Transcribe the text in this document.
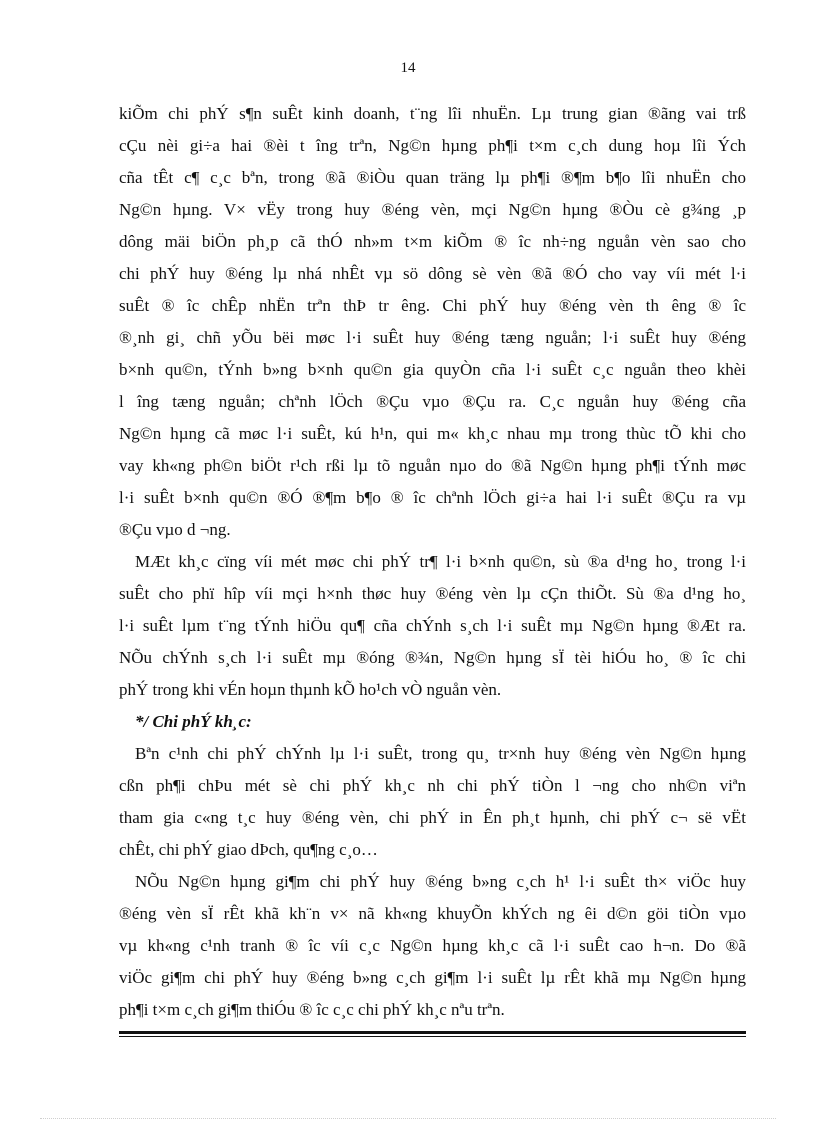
14
kiÕm chi phÝ s¶n suÊt kinh doanh, t¨ng lîi nhuËn. Lµ trung gian ®ãng vai trß
cÇu nèi gi÷a hai ®èi t îng trªn, Ng©n hµng ph¶i t×m c¸ch dung hoµ lîi Ých
cña tÊt c¶ c¸c bªn, trong ®ã ®iÒu quan träng lµ ph¶i ®¶m b¶o lîi nhuËn cho
Ng©n hµng. V× vËy trong huy ®éng vèn, mçi Ng©n hµng ®Òu cè g¾ng ¸p
dông mäi biÖn ph¸p cã thÓ nh»m t×m kiÕm ® îc nh÷ng nguån vèn sao cho
chi phÝ huy ®éng lµ nhá nhÊt vµ sö dông sè vèn ®ã ®Ó cho vay víi mét l·i
suÊt ® îc chÊp nhËn trªn thÞ tr êng. Chi phÝ huy ®éng vèn th êng ® îc
®¸nh gi¸ chñ yÕu bëi møc l·i suÊt huy ®éng tæng nguån; l·i suÊt huy ®éng
b×nh qu©n, tÝnh b»ng b×nh qu©n gia quyÒn cña l·i suÊt c¸c nguån theo khèi
l îng tæng nguån; chªnh lÖch ®Çu vµo ®Çu ra. C¸c nguån huy ®éng cña
Ng©n hµng cã møc l·i suÊt, kú h¹n, qui m« kh¸c nhau mµ trong thùc tÕ khi cho
vay kh«ng ph©n biÖt r¹ch rßi lµ tõ nguån nµo do ®ã Ng©n hµng ph¶i tÝnh møc
l·i suÊt b×nh qu©n ®Ó ®¶m b¶o ® îc chªnh lÖch gi÷a hai l·i suÊt ®Çu ra vµ
®Çu vµo d ¬ng.
MÆt kh¸c cïng víi mét møc chi phÝ tr¶ l·i b×nh qu©n, sù ®a d¹ng ho¸ trong l·i
suÊt cho phï hîp víi mçi h×nh thøc huy ®éng vèn lµ cÇn thiÕt. Sù ®a d¹ng ho¸
l·i suÊt lµm t¨ng tÝnh hiÖu qu¶ cña chÝnh s¸ch l·i suÊt mµ Ng©n hµng ®Æt ra.
NÕu chÝnh s¸ch l·i suÊt mµ ®óng ®¾n, Ng©n hµng sÏ tèi hiÓu ho¸ ® îc chi
phÝ trong khi vÉn hoµn thµnh kÕ ho¹ch vÒ nguån vèn.
*/ Chi phÝ kh¸c:
Bªn c¹nh chi phÝ chÝnh lµ l·i suÊt, trong qu¸ tr×nh huy ®éng vèn Ng©n hµng
cßn ph¶i chÞu mét sè chi phÝ kh¸c nh chi phÝ tiÒn l ¬ng cho nh©n viªn
tham gia c«ng t¸c huy ®éng vèn, chi phÝ in Ên ph¸t hµnh, chi phÝ c¬ së vËt
chÊt, chi phÝ giao dÞch, qu¶ng c¸o…
NÕu Ng©n hµng gi¶m chi phÝ huy ®éng b»ng c¸ch h¹ l·i suÊt th× viÖc huy
®éng vèn sÏ rÊt khã kh¨n v× nã kh«ng khuyÕn khÝch ng êi d©n göi tiÒn vµo
vµ kh«ng c¹nh tranh ® îc víi c¸c Ng©n hµng kh¸c cã l·i suÊt cao h¬n. Do ®ã
viÖc gi¶m chi phÝ huy ®éng b»ng c¸ch gi¶m l·i suÊt lµ rÊt khã mµ Ng©n hµng
ph¶i t×m c¸ch gi¶m thiÓu ® îc c¸c chi phÝ kh¸c nªu trªn.
